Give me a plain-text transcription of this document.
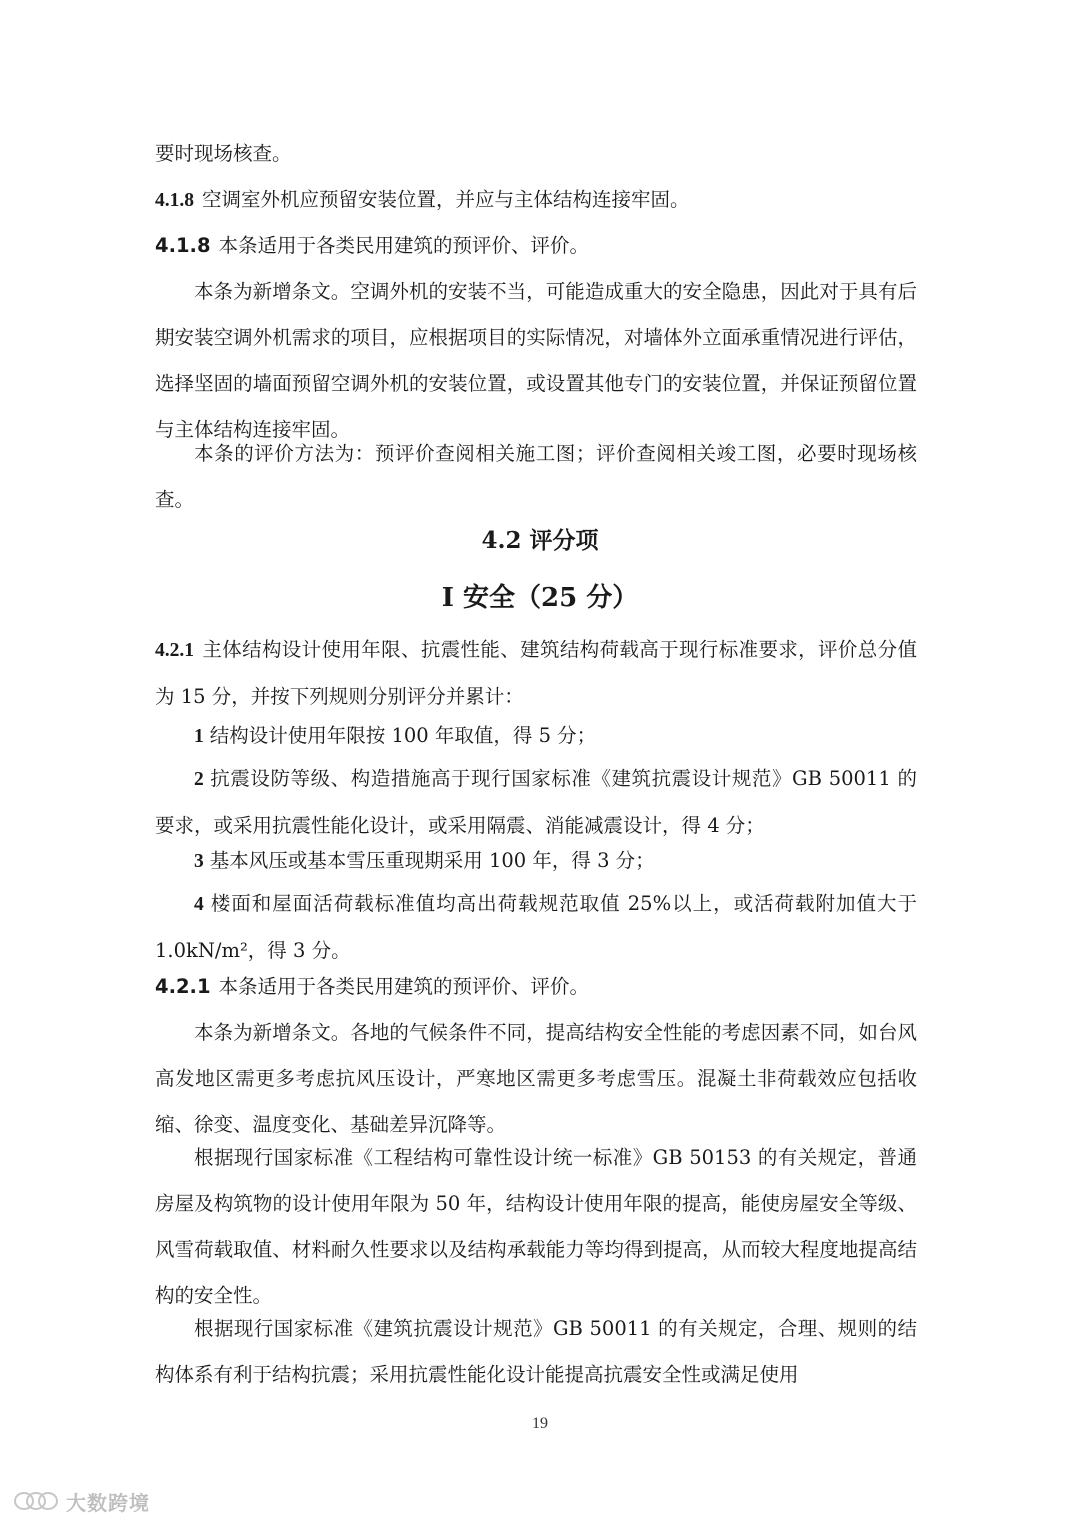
要时现场核查。

4.1.8 空调室外机应预留安装位置，并应与主体结构连接牢固。

4.1.8 本条适用于各类民用建筑的预评价、评价。

本条为新增条文。空调外机的安装不当，可能造成重大的安全隐患，因此对于具有后期安装空调外机需求的项目，应根据项目的实际情况，对墙体外立面承重情况进行评估，选择坚固的墙面预留空调外机的安装位置，或设置其他专门的安装位置，并保证预留位置与主体结构连接牢固。

本条的评价方法为：预评价查阅相关施工图；评价查阅相关竣工图，必要时现场核查。

4.2 评分项
Ⅰ 安全（25 分）

4.2.1 主体结构设计使用年限、抗震性能、建筑结构荷载高于现行标准要求，评价总分值为 15 分，并按下列规则分别评分并累计：

1 结构设计使用年限按 100 年取值，得 5 分；

2 抗震设防等级、构造措施高于现行国家标准《建筑抗震设计规范》GB 50011 的要求，或采用抗震性能化设计，或采用隔震、消能减震设计，得 4 分；

3 基本风压或基本雪压重现期采用 100 年，得 3 分；

4 楼面和屋面活荷载标准值均高出荷载规范取值 25%以上，或活荷载附加值大于 1.0kN/m²，得 3 分。

4.2.1 本条适用于各类民用建筑的预评价、评价。

本条为新增条文。各地的气候条件不同，提高结构安全性能的考虑因素不同，如台风高发地区需更多考虑抗风压设计，严寒地区需更多考虑雪压。混凝土非荷载效应包括收缩、徐变、温度变化、基础差异沉降等。

根据现行国家标准《工程结构可靠性设计统一标准》GB 50153 的有关规定，普通房屋及构筑物的设计使用年限为 50 年，结构设计使用年限的提高，能使房屋安全等级、风雪荷载取值、材料耐久性要求以及结构承载能力等均得到提高，从而较大程度地提高结构的安全性。

根据现行国家标准《建筑抗震设计规范》GB 50011 的有关规定，合理、规则的结构体系有利于结构抗震；采用抗震性能化设计能提高抗震安全性或满足使用

19
大数跨境
